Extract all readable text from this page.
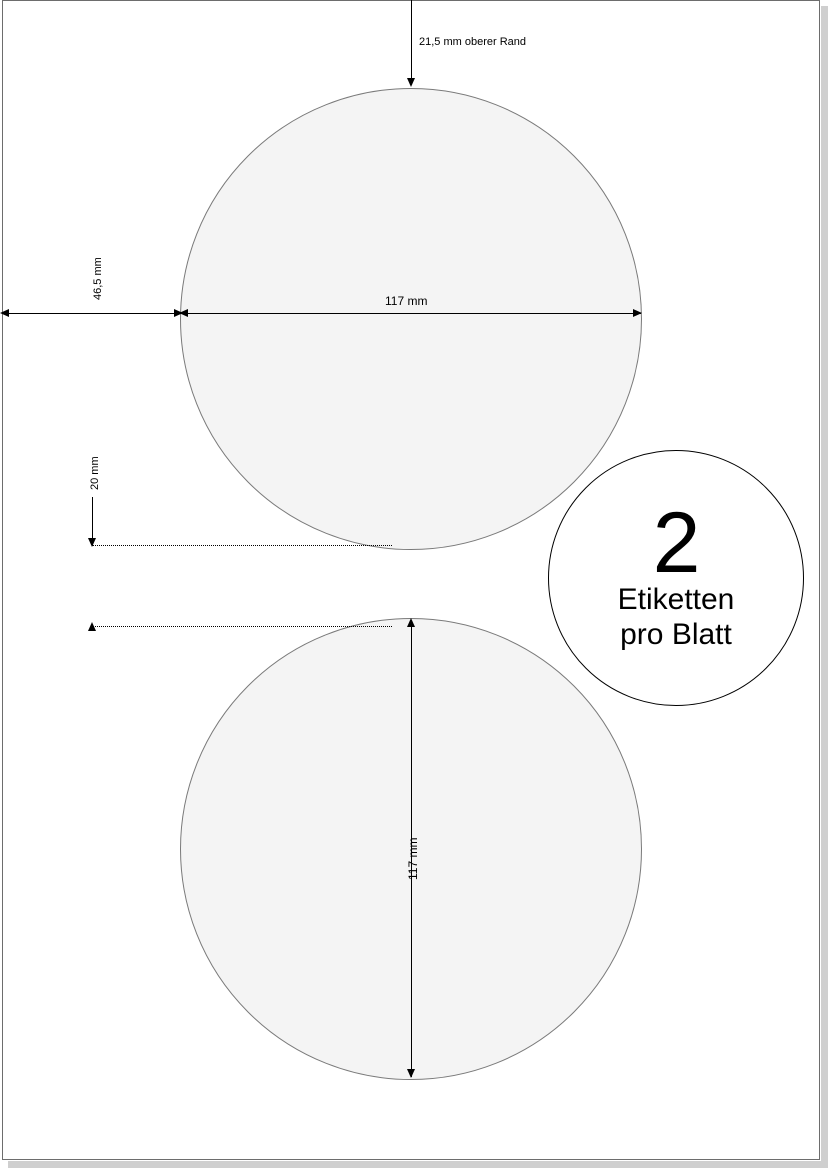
21,5 mm oberer Rand
46,5 mm
117 mm
20 mm
117 mm
2
Etiketten
pro Blatt
